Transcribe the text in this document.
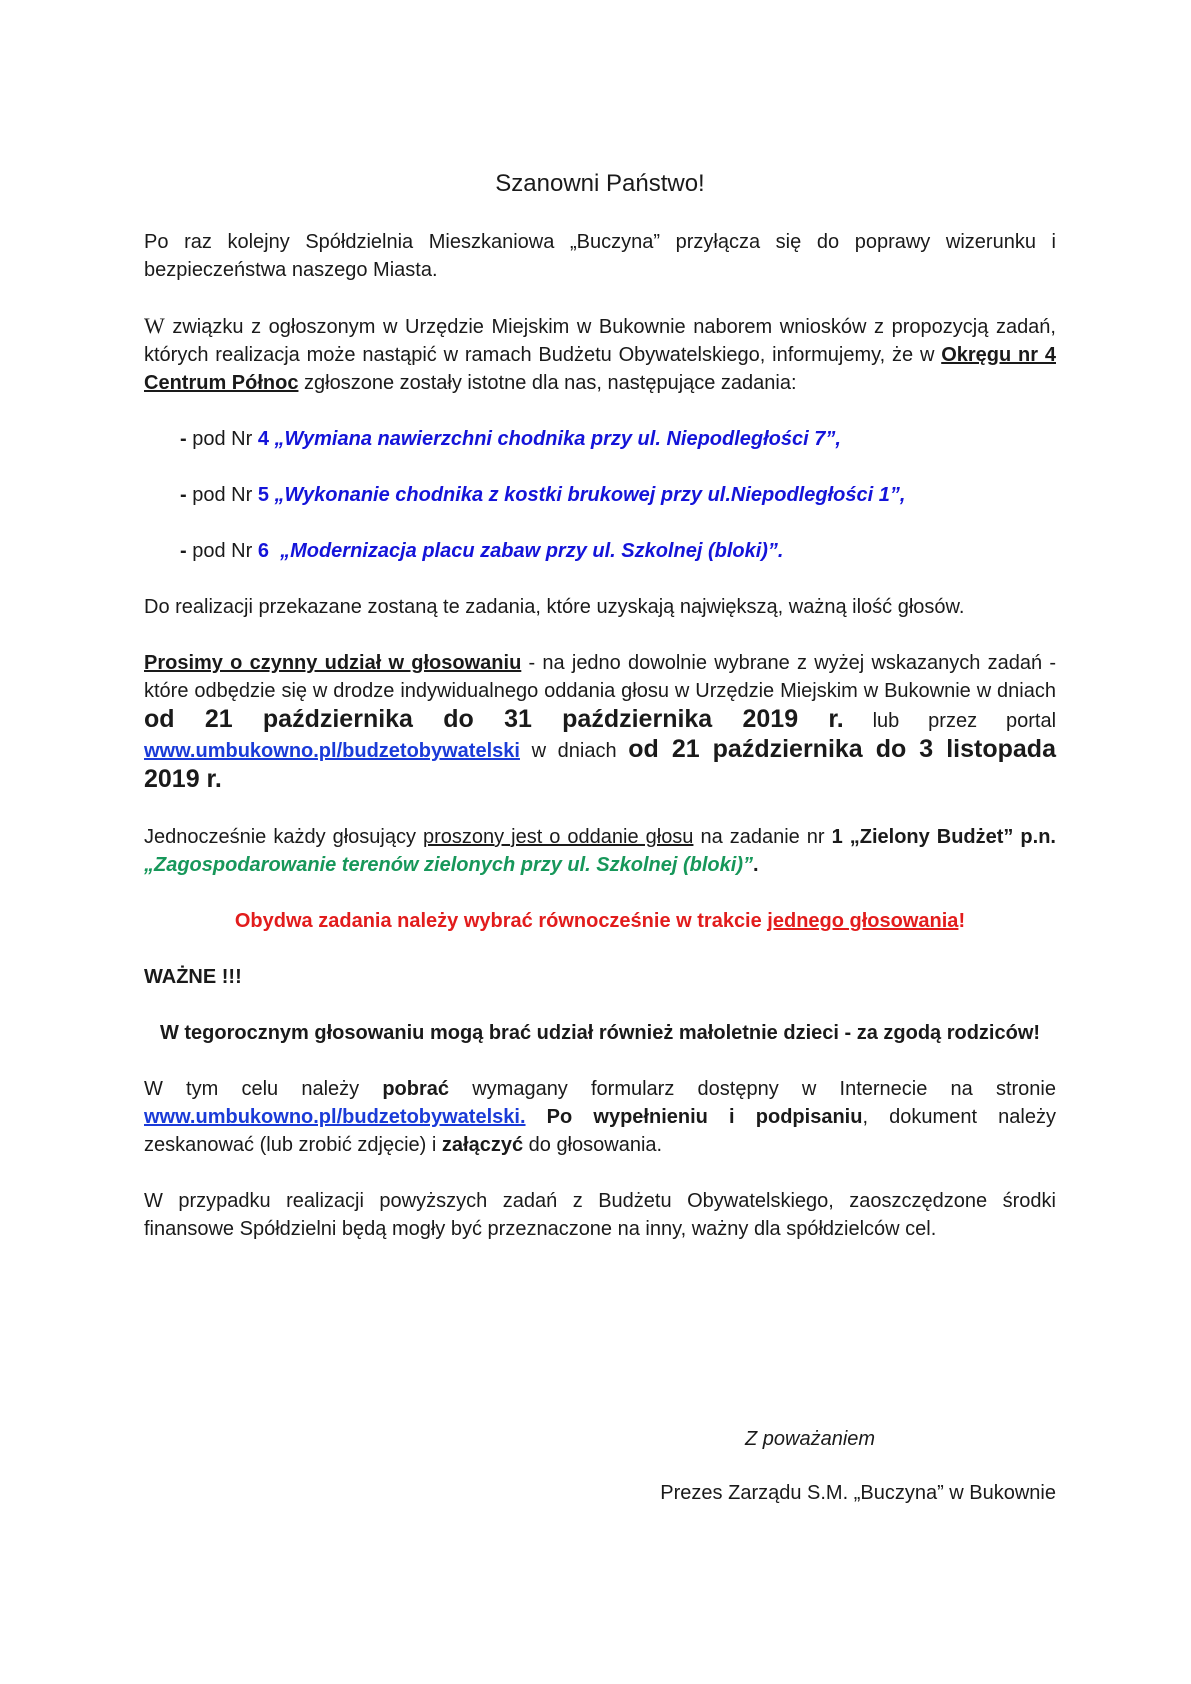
Szanowni Państwo!

Po raz kolejny Spółdzielnia Mieszkaniowa „Buczyna” przyłącza się do poprawy wizerunku i bezpieczeństwa naszego Miasta.

W związku z ogłoszonym w Urzędzie Miejskim w Bukownie naborem wniosków z propozycją zadań, których realizacja może nastąpić w ramach Budżetu Obywatelskiego, informujemy, że w Okręgu nr 4 Centrum Północ zgłoszone zostały istotne dla nas, następujące zadania:

- pod Nr 4 „Wymiana nawierzchni chodnika przy ul. Niepodległości 7”,

- pod Nr 5 „Wykonanie chodnika z kostki brukowej przy ul.Niepodległości 1”,

- pod Nr 6 „Modernizacja placu zabaw przy ul. Szkolnej (bloki)”.

Do realizacji przekazane zostaną te zadania, które uzyskają największą, ważną ilość głosów.

Prosimy o czynny udział w głosowaniu - na jedno dowolnie wybrane z wyżej wskazanych zadań - które odbędzie się w drodze indywidualnego oddania głosu w Urzędzie Miejskim w Bukownie w dniach od 21 października do 31 października 2019 r. lub przez portal www.umbukowno.pl/budzetobywatelski w dniach od 21 października do 3 listopada 2019 r.

Jednocześnie każdy głosujący proszony jest o oddanie głosu na zadanie nr 1 „Zielony Budżet” p.n. „Zagospodarowanie terenów zielonych przy ul. Szkolnej (bloki)”.

Obydwa zadania należy wybrać równocześnie w trakcie jednego głosowania!

WAŻNE !!!

W tegorocznym głosowaniu mogą brać udział również małoletnie dzieci - za zgodą rodziców!

W tym celu należy pobrać wymagany formularz dostępny w Internecie na stronie www.umbukowno.pl/budzetobywatelski. Po wypełnieniu i podpisaniu, dokument należy zeskanować (lub zrobić zdjęcie) i załączyć do głosowania.

W przypadku realizacji powyższych zadań z Budżetu Obywatelskiego, zaoszczędzone środki finansowe Spółdzielni będą mogły być przeznaczone na inny, ważny dla spółdzielców cel.

Z poważaniem
Prezes Zarządu S.M. „Buczyna” w Bukownie
